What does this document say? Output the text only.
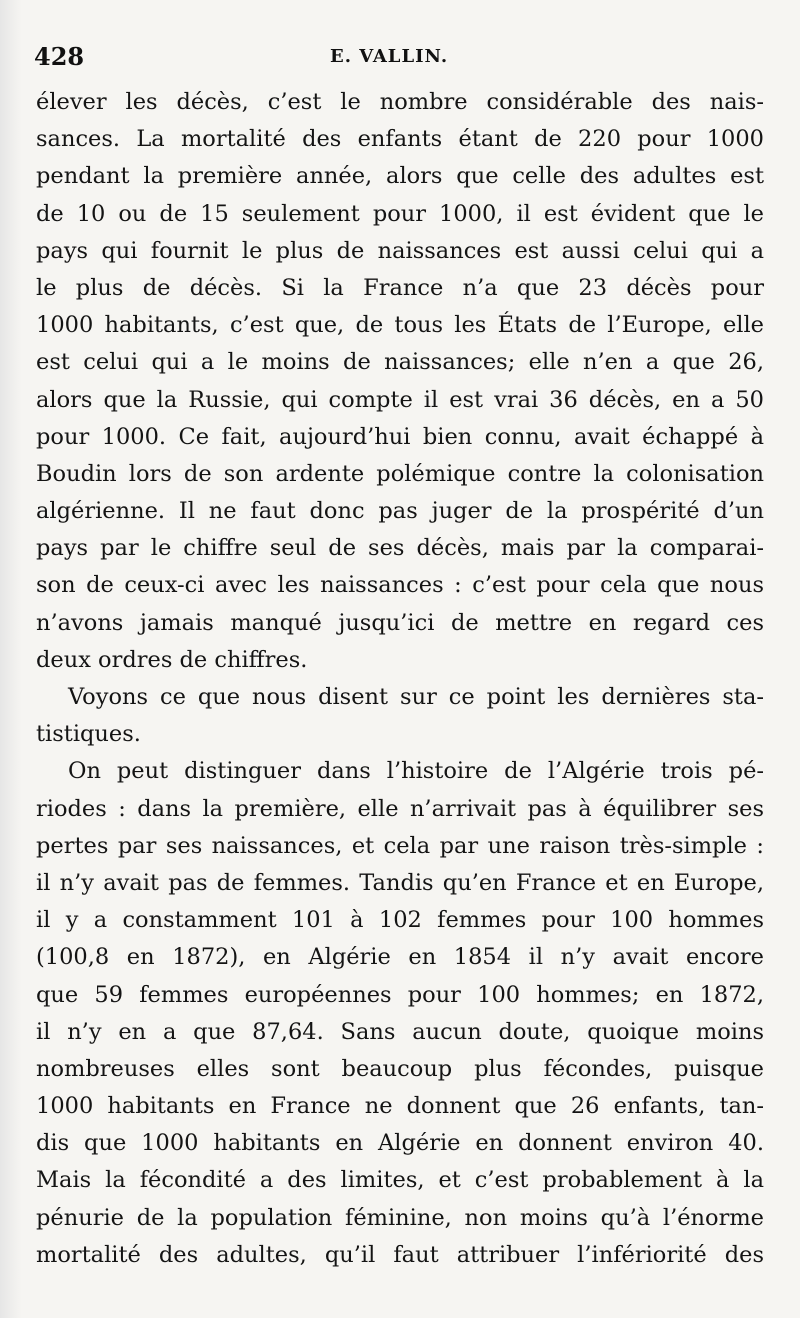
428	E. VALLIN.
élever les décès, c’est le nombre considérable des nais-
sances. La mortalité des enfants étant de 220 pour 1000
pendant la première année, alors que celle des adultes est
de 10 ou de 15 seulement pour 1000, il est évident que le
pays qui fournit le plus de naissances est aussi celui qui a
le plus de décès. Si la France n’a que 23 décès pour
1000 habitants, c’est que, de tous les États de l’Europe, elle
est celui qui a le moins de naissances; elle n’en a que 26,
alors que la Russie, qui compte il est vrai 36 décès, en a 50
pour 1000. Ce fait, aujourd’hui bien connu, avait échappé à
Boudin lors de son ardente polémique contre la colonisation
algérienne. Il ne faut donc pas juger de la prospérité d’un
pays par le chiffre seul de ses décès, mais par la comparai-
son de ceux-ci avec les naissances : c’est pour cela que nous
n’avons jamais manqué jusqu’ici de mettre en regard ces
deux ordres de chiffres.
Voyons ce que nous disent sur ce point les dernières sta-
tistiques.
On peut distinguer dans l’histoire de l’Algérie trois pé-
riodes : dans la première, elle n’arrivait pas à équilibrer ses
pertes par ses naissances, et cela par une raison très-simple :
il n’y avait pas de femmes. Tandis qu’en France et en Europe,
il y a constamment 101 à 102 femmes pour 100 hommes
(100,8 en 1872), en Algérie en 1854 il n’y avait encore
que 59 femmes européennes pour 100 hommes; en 1872,
il n’y en a que 87,64. Sans aucun doute, quoique moins
nombreuses elles sont beaucoup plus fécondes, puisque
1000 habitants en France ne donnent que 26 enfants, tan-
dis que 1000 habitants en Algérie en donnent environ 40.
Mais la fécondité a des limites, et c’est probablement à la
pénurie de la population féminine, non moins qu’à l’énorme
mortalité des adultes, qu’il faut attribuer l’infériorité des
